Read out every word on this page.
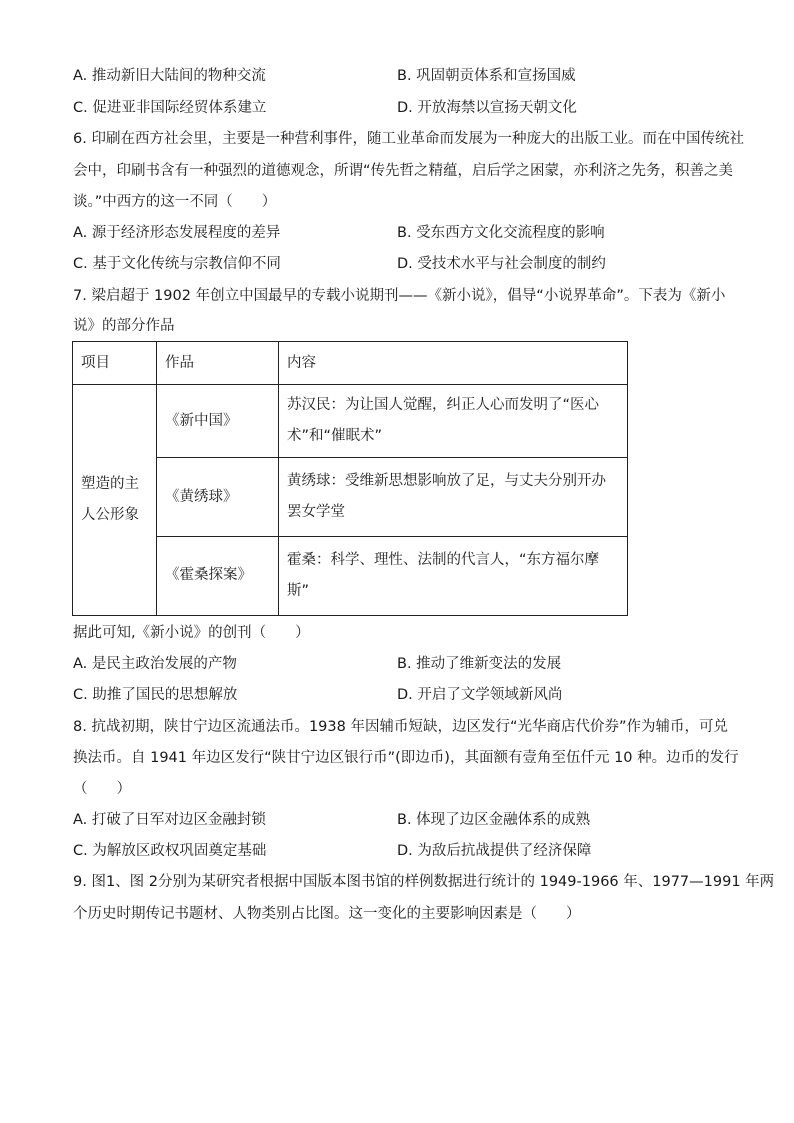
A. 推动新旧大陆间的物种交流	B. 巩固朝贡体系和宣扬国威
C. 促进亚非国际经贸体系建立	D. 开放海禁以宣扬天朝文化
6. 印刷在西方社会里，主要是一种营利事件，随工业革命而发展为一种庞大的出版工业。而在中国传统社
会中，印刷书含有一种强烈的道德观念，所谓“传先哲之精蕴，启后学之困蒙，亦利济之先务，积善之美
谈。”中西方的这一不同（　　）
A. 源于经济形态发展程度的差异	B. 受东西方文化交流程度的影响
C. 基于文化传统与宗教信仰不同	D. 受技术水平与社会制度的制约
7. 梁启超于 1902 年创立中国最早的专载小说期刊——《新小说》，倡导“小说界革命”。下表为《新小
说》的部分作品
项目	作品	内容
塑造的主人公形象	《新中国》	苏汉民：为让国人觉醒，纠正人心而发明了“医心术”和“催眠术”
	《黄绣球》	黄绣球：受维新思想影响放了足，与丈夫分别开办罢女学堂
	《霍桑探案》	霍桑：科学、理性、法制的代言人，“东方福尔摩斯”
据此可知,《新小说》的创刊（　　）
A. 是民主政治发展的产物	B. 推动了维新变法的发展
C. 助推了国民的思想解放	D. 开启了文学领域新风尚
8. 抗战初期，陕甘宁边区流通法币。1938 年因辅币短缺，边区发行“光华商店代价券”作为辅币，可兑
换法币。自 1941 年边区发行“陕甘宁边区银行币”(即边币)，其面额有壹角至伍仟元 10 种。边币的发行
（　　）
A. 打破了日军对边区金融封锁	B. 体现了边区金融体系的成熟
C. 为解放区政权巩固奠定基础	D. 为敌后抗战提供了经济保障
9. 图1、图 2分别为某研究者根据中国版本图书馆的样例数据进行统计的 1949-1966 年、1977—1991 年两
个历史时期传记书题材、人物类别占比图。这一变化的主要影响因素是（　　）
